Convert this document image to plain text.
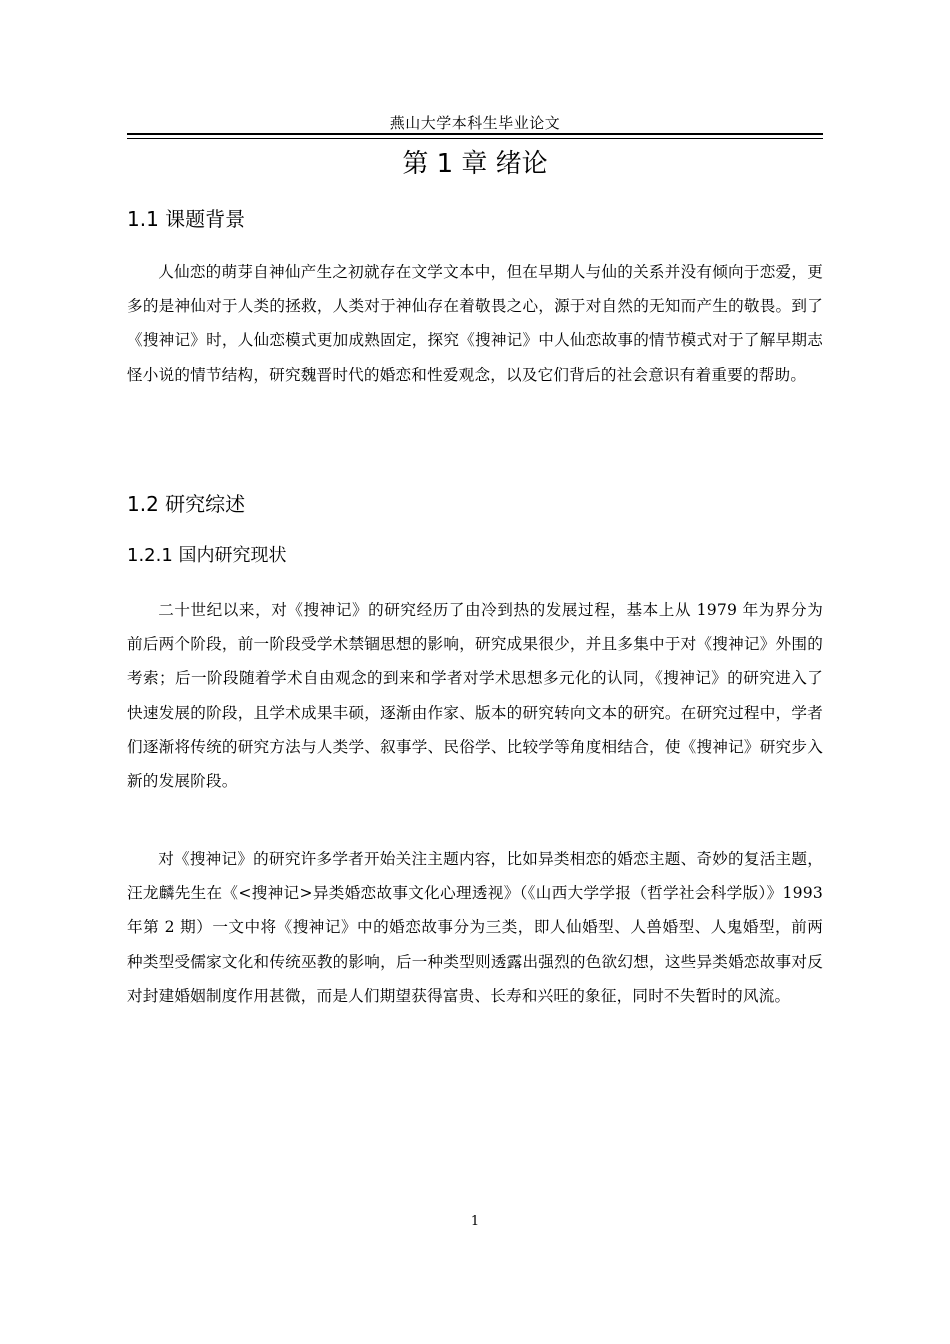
燕山大学本科生毕业论文
第 1 章 绪论
1.1 课题背景

人仙恋的萌芽自神仙产生之初就存在文学文本中，但在早期人与仙的关系并没有倾向于恋爱，更多的是神仙对于人类的拯救，人类对于神仙存在着敬畏之心，源于对自然的无知而产生的敬畏。到了《搜神记》时，人仙恋模式更加成熟固定，探究《搜神记》中人仙恋故事的情节模式对于了解早期志怪小说的情节结构，研究魏晋时代的婚恋和性爱观念，以及它们背后的社会意识有着重要的帮助。

1.2 研究综述
1.2.1 国内研究现状

二十世纪以来，对《搜神记》的研究经历了由冷到热的发展过程，基本上从 1979 年为界分为前后两个阶段，前一阶段受学术禁锢思想的影响，研究成果很少，并且多集中于对《搜神记》外围的考索；后一阶段随着学术自由观念的到来和学者对学术思想多元化的认同，《搜神记》的研究进入了快速发展的阶段，且学术成果丰硕，逐渐由作家、版本的研究转向文本的研究。在研究过程中，学者们逐渐将传统的研究方法与人类学、叙事学、民俗学、比较学等角度相结合，使《搜神记》研究步入新的发展阶段。

对《搜神记》的研究许多学者开始关注主题内容，比如异类相恋的婚恋主题、奇妙的复活主题，汪龙麟先生在《<搜神记>异类婚恋故事文化心理透视》（《山西大学学报（哲学社会科学版）》1993 年第 2 期）一文中将《搜神记》中的婚恋故事分为三类，即人仙婚型、人兽婚型、人鬼婚型，前两种类型受儒家文化和传统巫教的影响，后一种类型则透露出强烈的色欲幻想，这些异类婚恋故事对反对封建婚姻制度作用甚微，而是人们期望获得富贵、长寿和兴旺的象征，同时不失暂时的风流。

1
